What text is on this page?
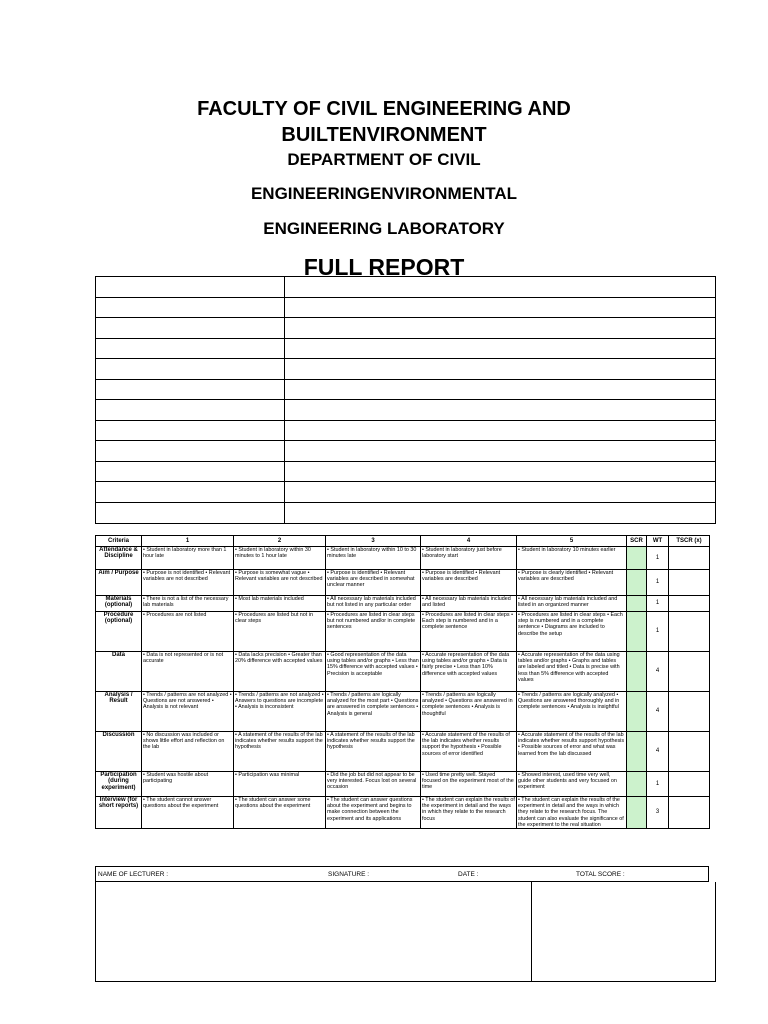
FACULTY OF CIVIL ENGINEERING AND
BUILTENVIRONMENT
DEPARTMENT OF CIVIL
ENGINEERINGENVIRONMENTAL
ENGINEERING LABORATORY
FULL REPORT
Criteria	1	2	3	4	5	SCR	WT	TSCR (x)
Attendance & Discipline	• Student in laboratory more than 1 hour late	• Student in laboratory within 30 minutes to 1 hour late	• Student in laboratory within 10 to 30 minutes late	• Student in laboratory just before laboratory start	• Student in laboratory 10 minutes earlier		1	
Aim / Purpose	• Purpose is not identified • Relevant variables are not described	• Purpose is somewhat vague • Relevant variables are not described	• Purpose is identified • Relevant variables are described in somewhat unclear manner	• Purpose is identified • Relevant variables are described	• Purpose is clearly identified • Relevant variables are described		1	
Materials (optional)	• There is not a list of the necessary lab materials	• Most lab materials included	• All necessary lab materials included but not listed in any particular order	• All necessary lab materials included and listed	• All necessary lab materials included and listed in an organized manner		1	
Procedure (optional)	• Procedures are not listed	• Procedures are listed but not in clear steps	• Procedures are listed in clear steps but not numbered and/or in complete sentences	• Procedures are listed in clear steps • Each step is numbered and in a complete sentence	• Procedures are listed in clear steps • Each step is numbered and in a complete sentence • Diagrams are included to describe the setup		1	
Data	• Data is not represented or is not accurate	• Data lacks precision • Greater than 20% difference with accepted values	• Good representation of the data using tables and/or graphs • Less than 15% difference with accepted values • Precision is acceptable	• Accurate representation of the data using tables and/or graphs • Data is fairly precise • Less than 10% difference with accepted values	• Accurate representation of the data using tables and/or graphs • Graphs and tables are labeled and titled • Data is precise with less than 5% difference with accepted values		4	
Analysis / Result	• Trends / patterns are not analyzed • Questions are not answered • Analysis is not relevant	• Trends / patterns are not analyzed • Answers to questions are incomplete • Analysis is inconsistent	• Trends / patterns are logically analyzed for the most part • Questions are answered in complete sentences • Analysis is general	• Trends / patterns are logically analyzed • Questions are answered in complete sentences • Analysis is thoughtful	• Trends / patterns are logically analyzed • Questions are answered thoroughly and in complete sentences • Analysis is insightful		4	
Discussion	• No discussion was included or shows little effort and reflection on the lab	• A statement of the results of the lab indicates whether results support the hypothesis	• A statement of the results of the lab indicates whether results support the hypothesis	• Accurate statement of the results of the lab indicates whether results support the hypothesis • Possible sources of error identified	• Accurate statement of the results of the lab indicates whether results support hypothesis • Possible sources of error and what was learned from the lab discussed		4	
Participation (during experiment)	• Student was hostile about participating	• Participation was minimal	• Did the job but did not appear to be very interested. Focus lost on several occasion	• Used time pretty well. Stayed focused on the experiment most of the time	• Showed interest, used time very well, guide other students and very focused on experiment		1	
Interview (for short reports)	• The student cannot answer questions about the experiment	• The student can answer some questions about the experiment	• The student can answer questions about the experiment and begins to make connection between the experiment and its applications	• The student can explain the results of the experiment in detail and the ways in which they relate to the research focus	• The student can explain the results of the experiment in detail and the ways in which they relate to the research focus. The student can also evaluate the significance of the experiment to the real situation		3	
NAME OF LECTURER :	SIGNATURE :	DATE :	TOTAL SCORE :
